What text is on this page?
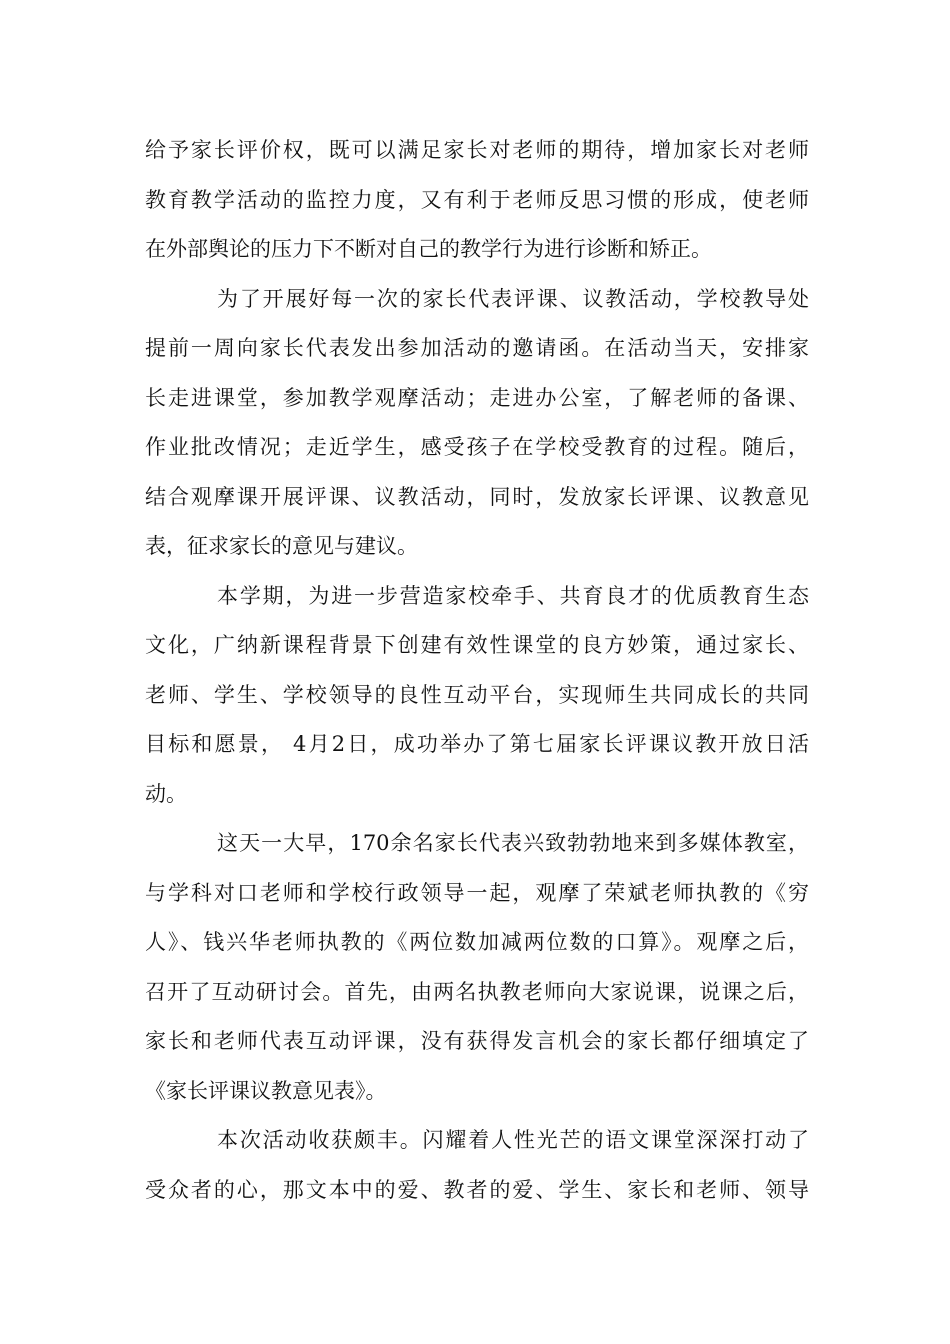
给予家长评价权，既可以满足家长对老师的期待，增加家长对老师
教育教学活动的监控力度，又有利于老师反思习惯的形成，使老师
在外部舆论的压力下不断对自己的教学行为进行诊断和矫正。
为了开展好每一次的家长代表评课、议教活动，学校教导处
提前一周向家长代表发出参加活动的邀请函。在活动当天，安排家
长走进课堂，参加教学观摩活动；走进办公室，了解老师的备课、
作业批改情况；走近学生，感受孩子在学校受教育的过程。随后，
结合观摩课开展评课、议教活动，同时，发放家长评课、议教意见
表，征求家长的意见与建议。
本学期，为进一步营造家校牵手、共育良才的优质教育生态
文化，广纳新课程背景下创建有效性课堂的良方妙策，通过家长、
老师、学生、学校领导的良性互动平台，实现师生共同成长的共同
目标和愿景， 4月2日，成功举办了第七届家长评课议教开放日活
动。
这天一大早，170余名家长代表兴致勃勃地来到多媒体教室，
与学科对口老师和学校行政领导一起，观摩了荣斌老师执教的《穷
人》、钱兴华老师执教的《两位数加减两位数的口算》。观摩之后，
召开了互动研讨会。首先，由两名执教老师向大家说课，说课之后，
家长和老师代表互动评课，没有获得发言机会的家长都仔细填定了
《家长评课议教意见表》。
本次活动收获颇丰。闪耀着人性光芒的语文课堂深深打动了
受众者的心，那文本中的爱、教者的爱、学生、家长和老师、领导
